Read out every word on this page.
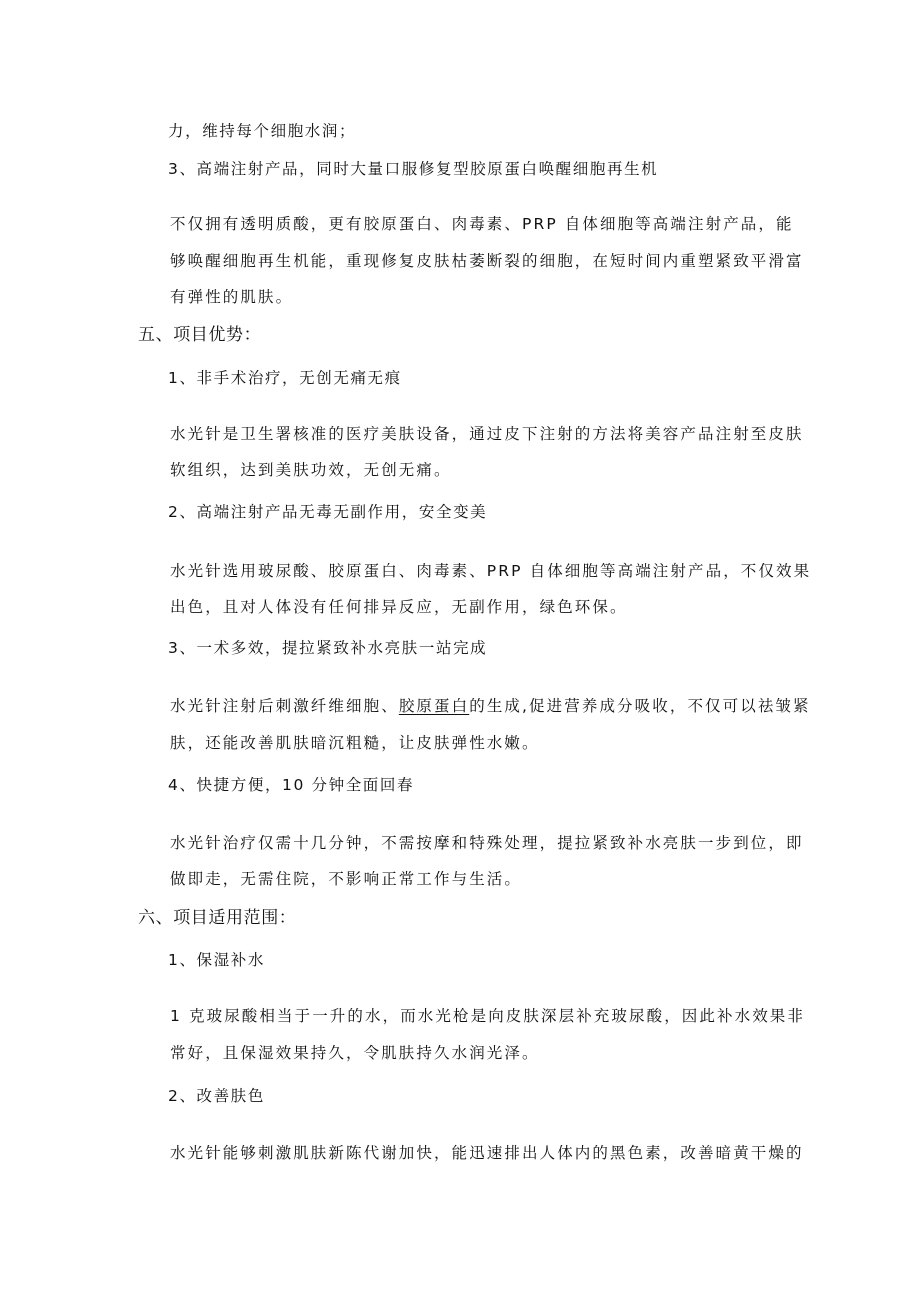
力，维持每个细胞水润；
3、高端注射产品，同时大量口服修复型胶原蛋白唤醒细胞再生机
不仅拥有透明质酸，更有胶原蛋白、肉毒素、PRP 自体细胞等高端注射产品，能
够唤醒细胞再生机能，重现修复皮肤枯萎断裂的细胞，在短时间内重塑紧致平滑富
有弹性的肌肤。
五、项目优势：
1、非手术治疗，无创无痛无痕
水光针是卫生署核准的医疗美肤设备，通过皮下注射的方法将美容产品注射至皮肤
软组织，达到美肤功效，无创无痛。
2、高端注射产品无毒无副作用，安全变美
水光针选用玻尿酸、胶原蛋白、肉毒素、PRP 自体细胞等高端注射产品，不仅效果
出色，且对人体没有任何排异反应，无副作用，绿色环保。
3、一术多效，提拉紧致补水亮肤一站完成
水光针注射后刺激纤维细胞、胶原蛋白的生成,促进营养成分吸收，不仅可以祛皱紧
肤，还能改善肌肤暗沉粗糙，让皮肤弹性水嫩。
4、快捷方便，10 分钟全面回春
水光针治疗仅需十几分钟，不需按摩和特殊处理，提拉紧致补水亮肤一步到位，即
做即走，无需住院，不影响正常工作与生活。
六、项目适用范围：
1、保湿补水
1 克玻尿酸相当于一升的水，而水光枪是向皮肤深层补充玻尿酸，因此补水效果非
常好，且保湿效果持久，令肌肤持久水润光泽。
2、改善肤色
水光针能够刺激肌肤新陈代谢加快，能迅速排出人体内的黑色素，改善暗黄干燥的
